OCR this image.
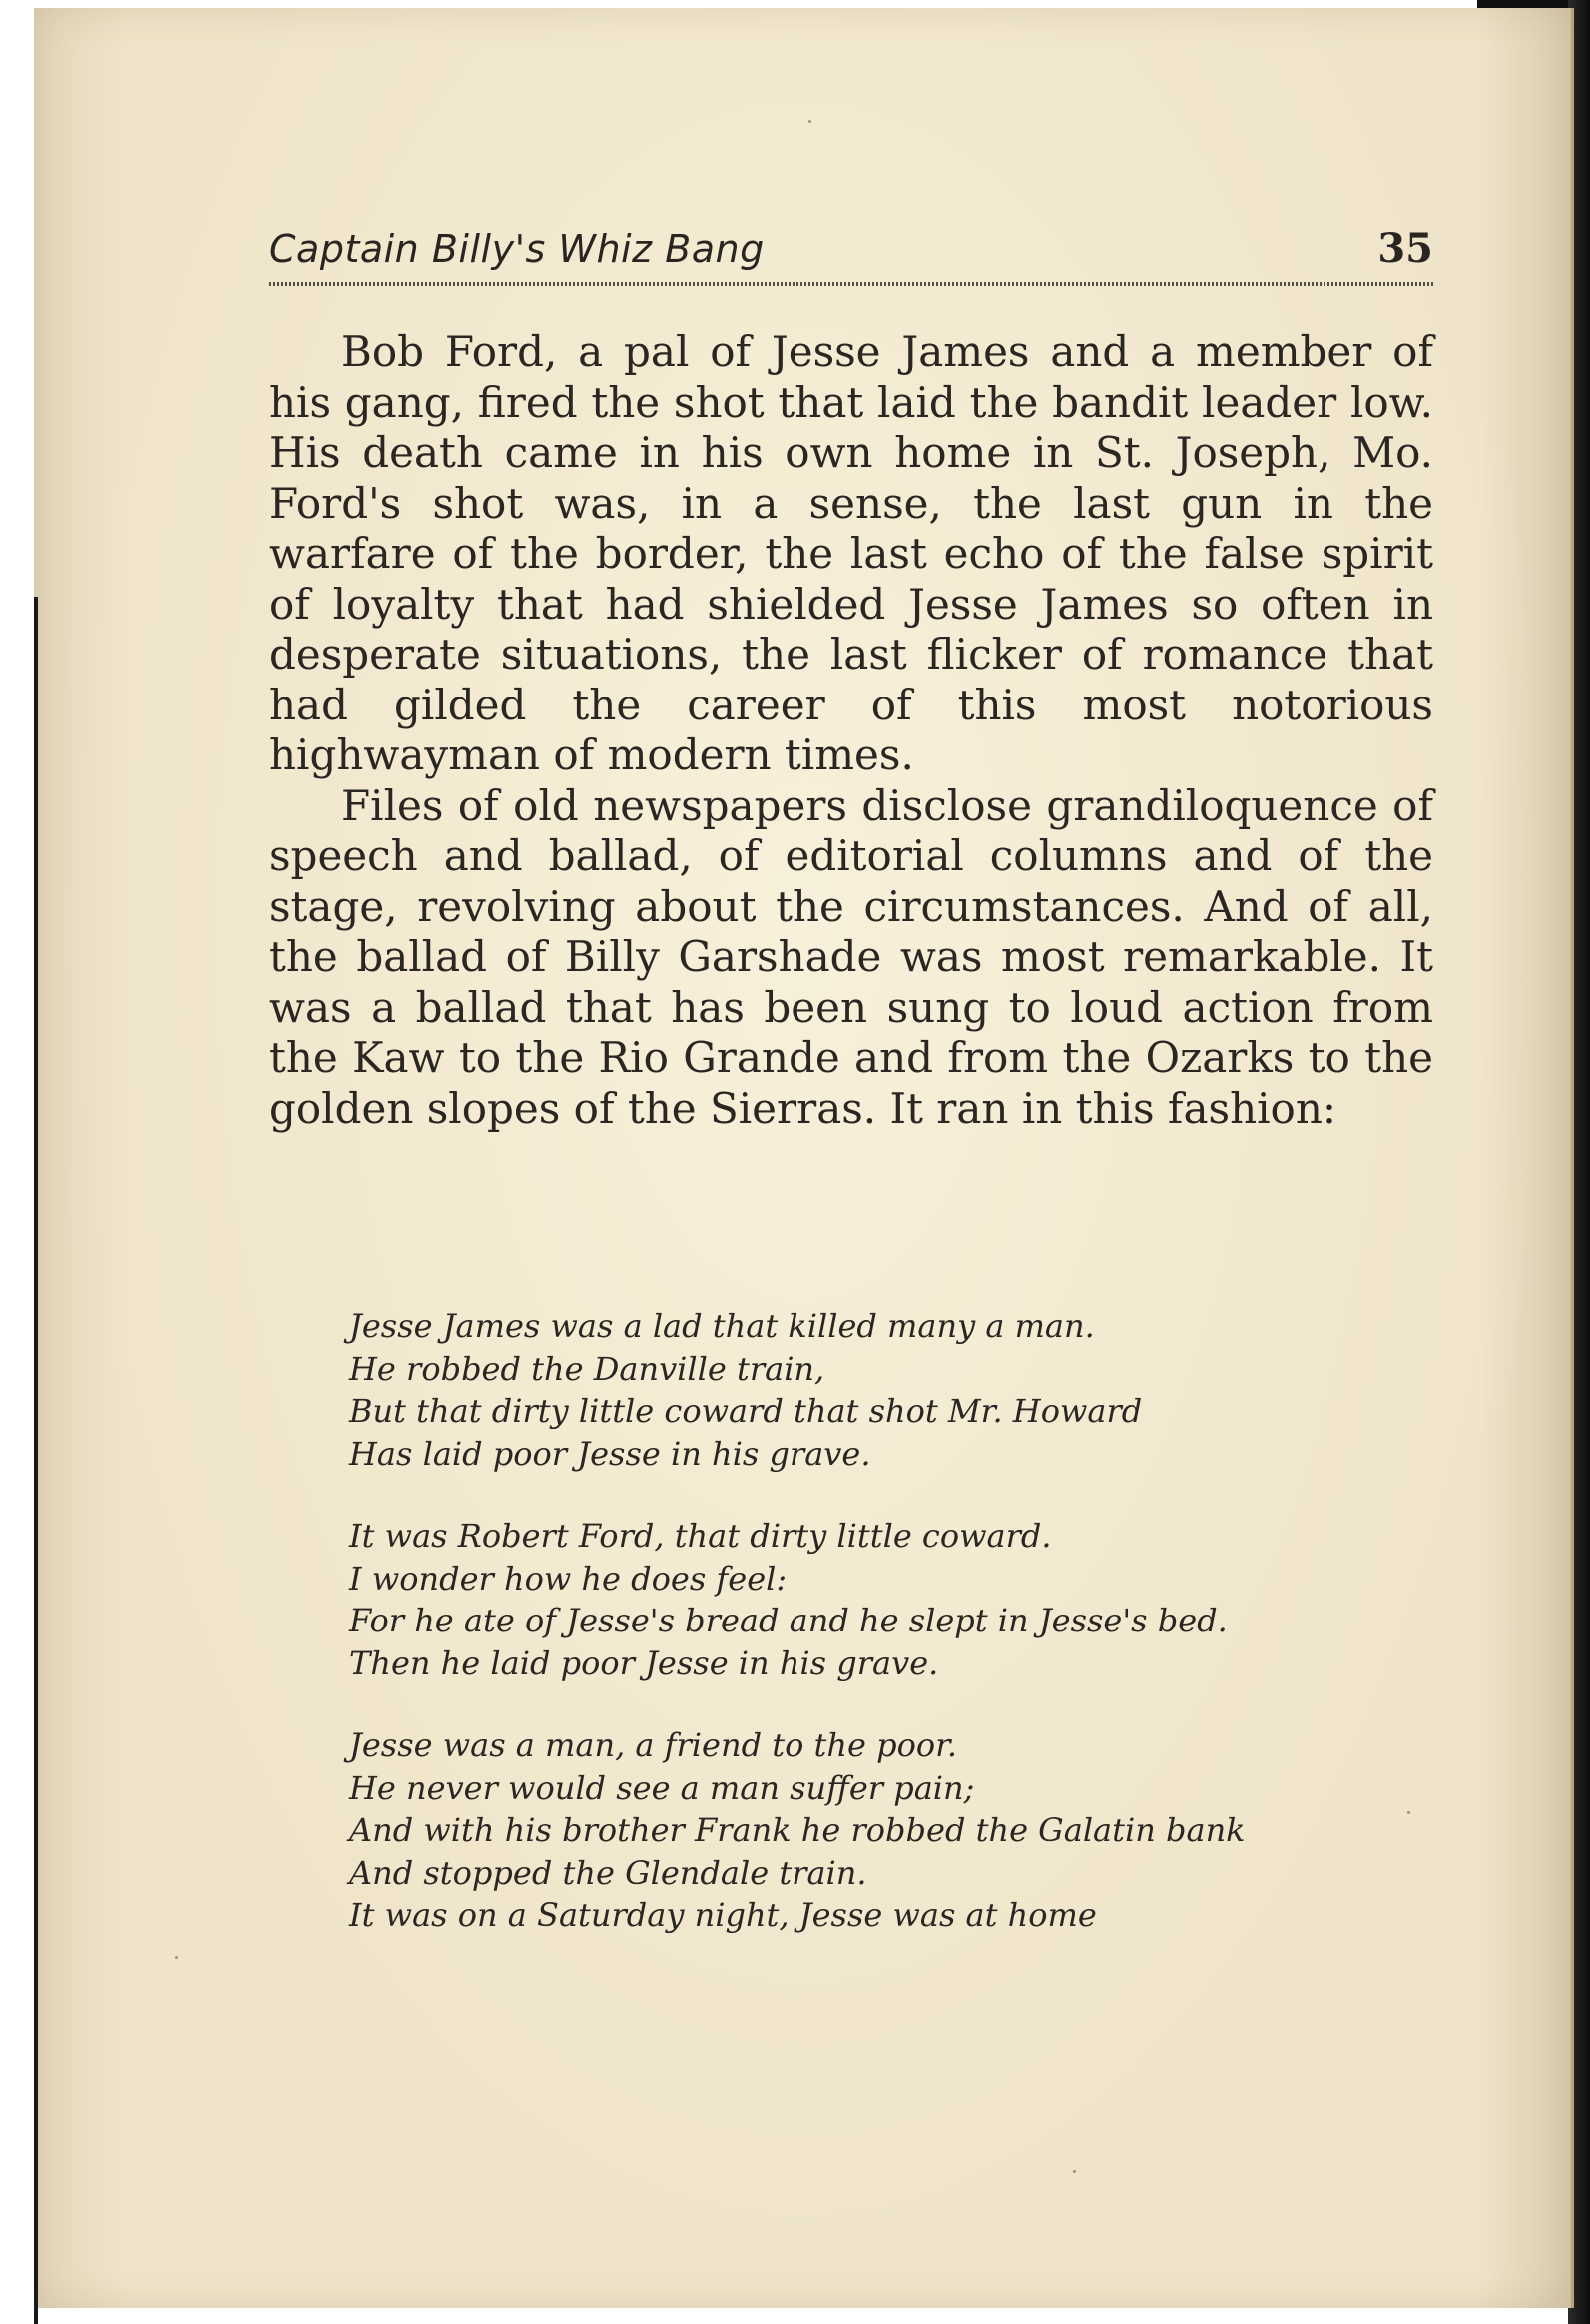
Captain Billy's Whiz Bang	35

Bob Ford, a pal of Jesse James and a member of his gang, fired the shot that laid the bandit leader low. His death came in his own home in St. Joseph, Mo. Ford's shot was, in a sense, the last gun in the warfare of the border, the last echo of the false spirit of loyalty that had shielded Jesse James so often in desperate situations, the last flicker of romance that had gilded the career of this most notorious highwayman of modern times.

Files of old newspapers disclose grandiloquence of speech and ballad, of editorial columns and of the stage, revolving about the circumstances. And of all, the ballad of Billy Garshade was most remarkable. It was a ballad that has been sung to loud action from the Kaw to the Rio Grande and from the Ozarks to the golden slopes of the Sierras. It ran in this fashion:

Jesse James was a lad that killed many a man.
He robbed the Danville train,
But that dirty little coward that shot Mr. Howard
Has laid poor Jesse in his grave.
It was Robert Ford, that dirty little coward.
I wonder how he does feel:
For he ate of Jesse's bread and he slept in Jesse's bed.
Then he laid poor Jesse in his grave.
Jesse was a man, a friend to the poor.
He never would see a man suffer pain;
And with his brother Frank he robbed the Galatin bank
And stopped the Glendale train.
It was on a Saturday night, Jesse was at home
